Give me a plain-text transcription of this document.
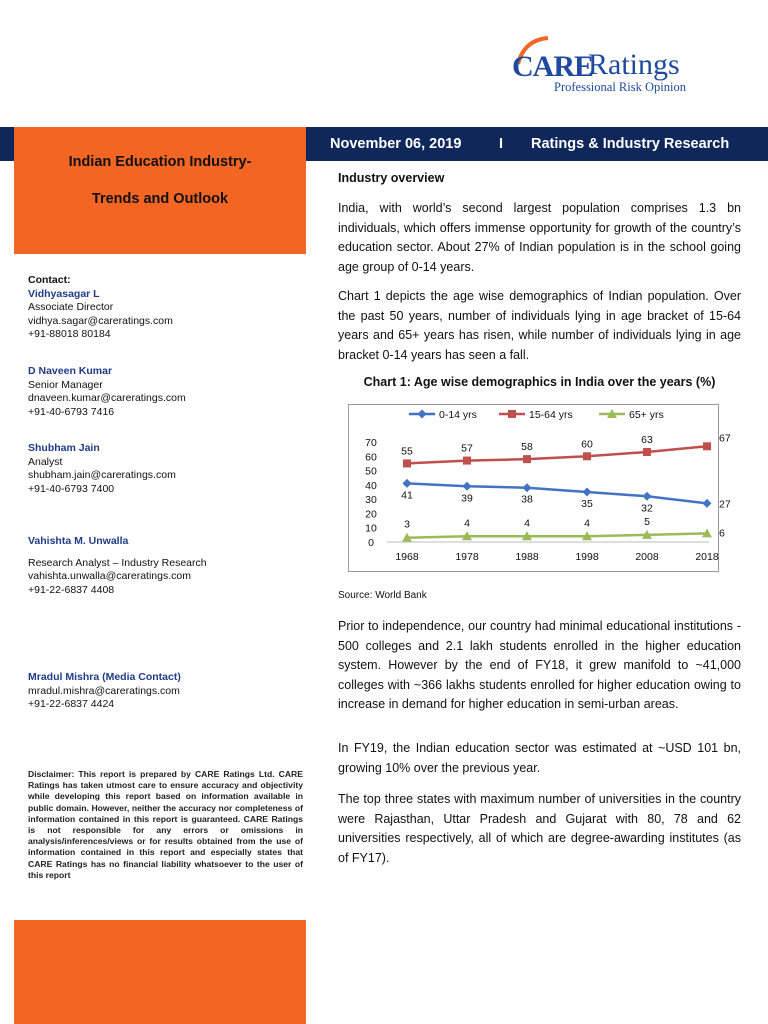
CARE
Ratings
Professional Risk Opinion
November 06, 2019	I Ratings & Industry Research
Indian Education Industry-
Trends and Outlook
Contact:
Vidhyasagar L
Associate Director
vidhya.sagar@careratings.com
+91-88018 80184
D Naveen Kumar
Senior Manager
dnaveen.kumar@careratings.com
+91-40-6793 7416
Shubham Jain
Analyst
shubham.jain@careratings.com
+91-40-6793 7400
Vahishta M. Unwalla
Research Analyst – Industry Research
vahishta.unwalla@careratings.com
+91-22-6837 4408
Mradul Mishra (Media Contact)
mradul.mishra@careratings.com
+91-22-6837 4424
Disclaimer: This report is prepared by CARE Ratings Ltd. CARE Ratings has taken utmost care to ensure accuracy and objectivity while developing this report based on information available in public domain. However, neither the accuracy nor completeness of information contained in this report is guaranteed. CARE Ratings is not responsible for any errors or omissions in analysis/inferences/views or for results obtained from the use of information contained in this report and especially states that CARE Ratings has no financial liability whatsoever to the user of this report
Industry overview
India, with world’s second largest population comprises 1.3 bn individuals, which offers immense opportunity for growth of the country’s education sector. About 27% of Indian population is in the school going age group of 0-14 years.
Chart 1 depicts the age wise demographics of Indian population. Over the past 50 years, number of individuals lying in age bracket of 15-64 years and 65+ years has risen, while number of individuals lying in age bracket 0-14 years has seen a fall.
Chart 1: Age wise demographics in India over the years (%)
0
10
20
30
40
50
60
70
1968	1978	1988	1998	2008	2018
0-14 yrs	15-64 yrs	65+ yrs
41	39	38	35	32	27
55	57	58	60	63	67
3	4	4	4	5
6
Source: World Bank
Prior to independence, our country had minimal educational institutions - 500 colleges and 2.1 lakh students enrolled in the higher education system. However by the end of FY18, it grew manifold to ~41,000 colleges with ~366 lakhs students enrolled for higher education owing to increase in demand for higher education in semi-urban areas.
In FY19, the Indian education sector was estimated at ~USD 101 bn, growing 10% over the previous year.
The top three states with maximum number of universities in the country were Rajasthan, Uttar Pradesh and Gujarat with 80, 78 and 62 universities respectively, all of which are degree-awarding institutes (as of FY17).
